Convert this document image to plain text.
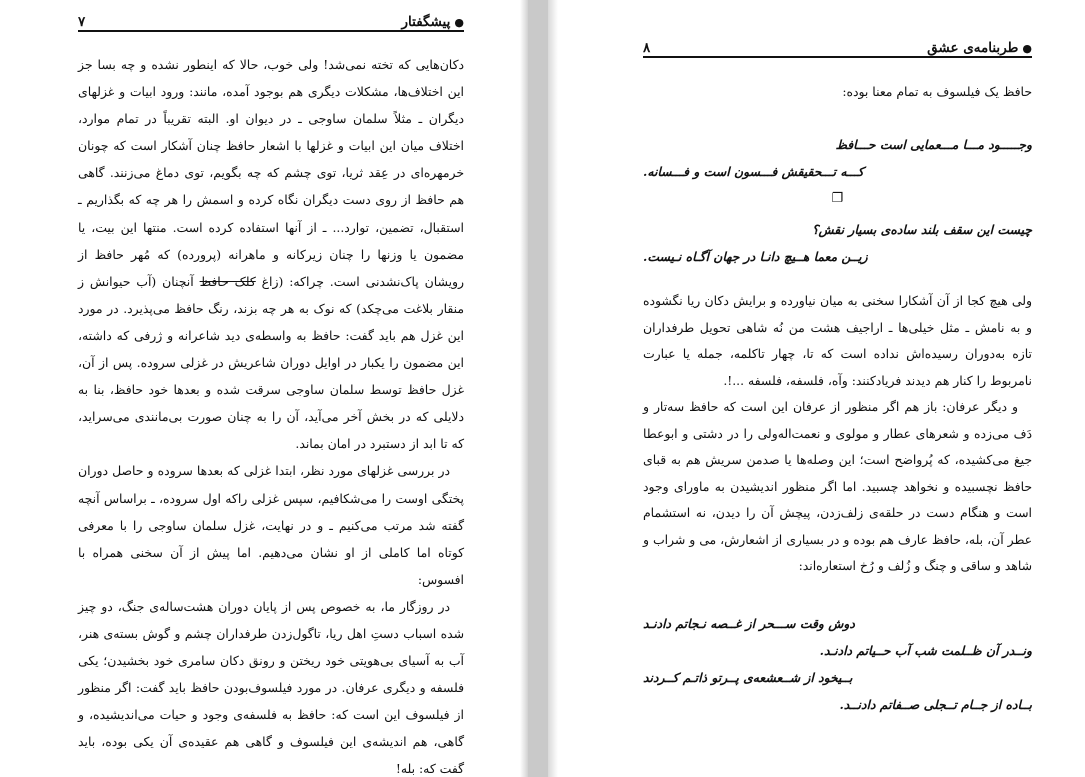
●پیشگفتار
۷

دکان‌هایی که تخته نمی‌شد! ولی خوب، حالا که اینطور نشده و چه بسا جز این اختلاف‌ها، مشکلات دیگری هم بوجود آمده، مانند: ورود ابیات و غزلهای دیگران ـ مثلاً سلمان ساوجی ـ در دیوان او. البته تقریباً در تمام موارد، اختلاف میان این ابیات و غزلها با اشعار حافظ چنان آشکار است که چونان خرمهره‌ای در عِقد ثریا، توی چشم که چه بگویم، توی دماغ می‌زنند. گاهی هم حافظ از روی دست دیگران نگاه کرده و اسمش را هر چه که بگذاریم ـ استقبال، تضمین، توارد... ـ از آنها استفاده کرده است. منتها این بیت، یا مضمون یا وزنها را چنان زیرکانه و ماهرانه (پرورده) که مُهر حافظ از رویشان پاک‌نشدنی است. چراکه: (زاغ کلک حافظ آنچنان (آب حیوانش ز منقار بلاغت می‌چکد) که نوک به هر چه بزند، رنگ حافظ می‌پذیرد. در مورد این غزل هم باید گفت: حافظ به واسطه‌ی دید شاعرانه و ژرفی که داشته، این مضمون را یکبار در اوایل دوران شاعریش در غزلی سروده. پس از آن، غزل حافظ توسط سلمان ساوجی سرقت شده و بعدها خود حافظ، بنا به دلایلی که در بخش آخر می‌آید، آن را به چنان صورت بی‌مانندی می‌سراید، که تا ابد از دستبرد در امان بماند.

در بررسی غزلهای مورد نظر، ابتدا غزلی که بعدها سروده و حاصل دوران پختگی اوست را می‌شکافیم، سپس غزلی راکه اول سروده، ـ براساس آنچه گفته شد مرتب می‌کنیم ـ و در نهایت، غزل سلمان ساوجی را با معرفی کوتاه اما کاملی از او نشان می‌دهیم. اما پیش از آن سخنی همراه با افسوس:

در روزگار ما، به خصوص پس از پایان دوران هشت‌ساله‌ی جنگ، دو چیز شده اسباب دستِ اهل ریا، تاگول‌زدن طرفداران چشم و گوش بسته‌ی هنر، آب به آسیای بی‌هویتی خود ریختن و رونق دکان سامری خود بخشیدن؛ یکی فلسفه و دیگری عرفان. در مورد فیلسوف‌بودن حافظ باید گفت: اگر منظور از فیلسوف این است که: حافظ به فلسفه‌ی وجود و حیات می‌اندیشیده، و گاهی، هم اندیشه‌ی این فیلسوف و گاهی هم عقیده‌ی آن یکی بوده، باید گفت که: بله!

●طربنامه‌ی عشق
۸

حافظ یک فیلسوف به تمام معنا بوده:

وجـــــود مـــا مـــعمایی است حـــافظ

کـــه تـــحقیقش فـــسون است و فـــسانه.

❐

چیست این سقف بلند ساده‌ی بسیار نقش؟

زیــن معما هــیچ دانـا در جهان آگـاه نـیست.

ولی هیچ کجا از آن آشکارا سخنی به میان نیاورده و برایش دکان ریا نگشوده و به نامش ـ مثل خیلی‌ها ـ اراجیف هشت من نُه شاهی تحویل طرفداران تازه به‌دوران رسیده‌اش نداده است که تا، چهار تاکلمه، جمله یا عبارت نامربوط را کنار هم دیدند فریادکنند: وآه، فلسفه، فلسفه ...!.

و دیگر عرفان: باز هم اگر منظور از عرفان این است که حافظ سه‌تار و دَف می‌زده و شعرهای عطار و مولوی و نعمت‌اله‌ولی را در دشتی و ابوعطا جیغ می‌کشیده، که پُرواضح است؛ این وصله‌ها یا صدمن سریش هم به قبای حافظ نچسبیده و نخواهد چسبید. اما اگر منظور اندیشیدن به ماورای وجود است و هنگام دست در حلقه‌ی زلف‌زدن، پیچش آن را دیدن، نه استشمام عطر آن، بله، حافظ عارف هم بوده و در بسیاری از اشعارش، می و شراب و شاهد و ساقی و چنگ و زُلف و رُخ استعاره‌اند:

دوش وقت ســـحر از غــصه نـجاتم دادنـد

ونــدر آن ظــلمت شب آب حــیاتم دادنـد.

بــیخود از شــعشعه‌ی پــرتو ذاتـم کــردند

بــاده از جــام تــجلی صــفاتم دادنــد.
